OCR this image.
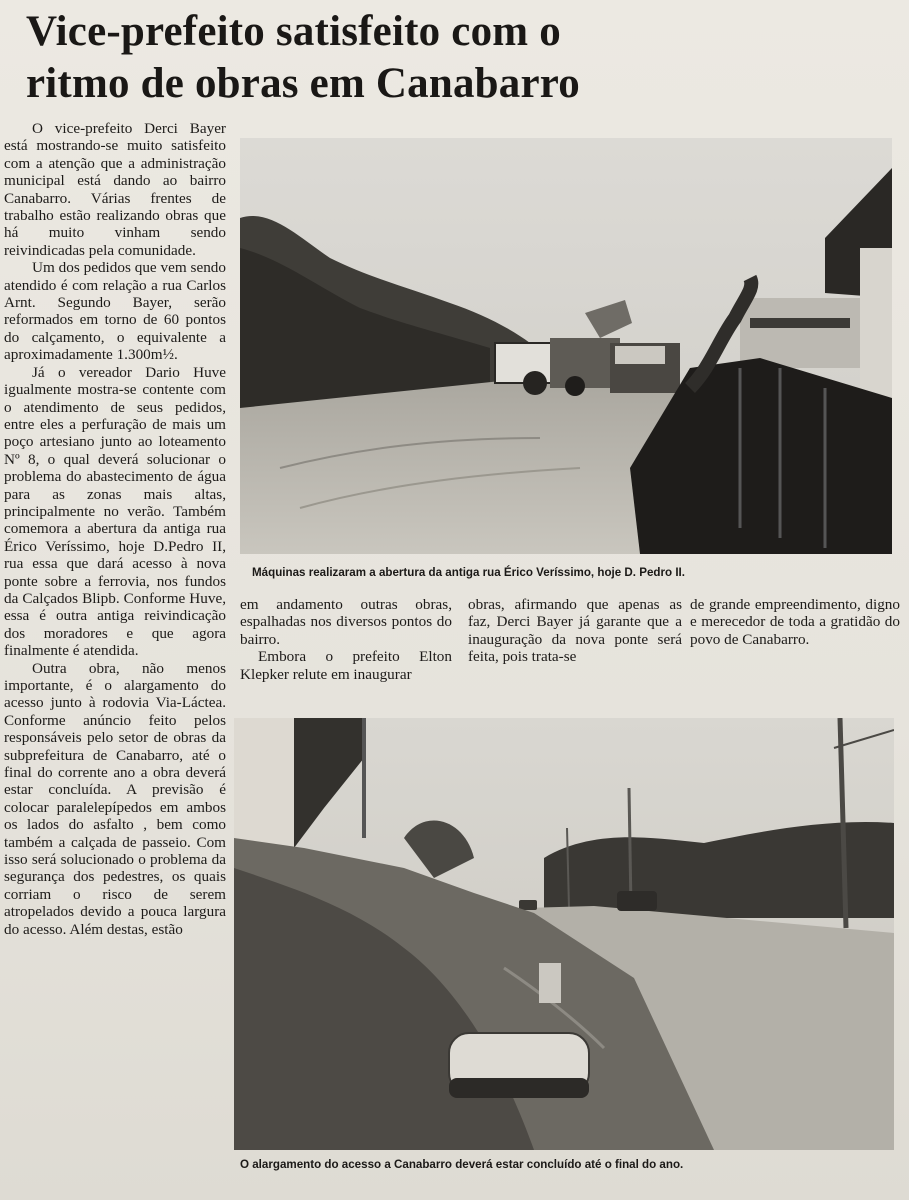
Vice-prefeito satisfeito com o
ritmo de obras em Canabarro

O vice-prefeito Derci Bayer está mostrando-se muito satisfeito com a atenção que a administração municipal está dando ao bairro Canabarro. Várias frentes de trabalho estão realizando obras que há muito vinham sendo reivindicadas pela comunidade.

Um dos pedidos que vem sendo atendido é com relação a rua Carlos Arnt. Segundo Bayer, serão reformados em torno de 60 pontos do calçamento, o equivalente a aproximadamente 1.300m½.

Já o vereador Dario Huve igualmente mostra-se contente com o atendimento de seus pedidos, entre eles a perfuração de mais um poço artesiano junto ao loteamento Nº 8, o qual deverá solucionar o problema do abastecimento de água para as zonas mais altas, principalmente no verão. Também comemora a abertura da antiga rua Érico Veríssimo, hoje D.Pedro II, rua essa que dará acesso à nova ponte sobre a ferrovia, nos fundos da Calçados Blipb. Conforme Huve, essa é outra antiga reivindicação dos moradores e que agora finalmente é atendida.

Outra obra, não menos importante, é o alargamento do acesso junto à rodovia Via-Láctea. Conforme anúncio feito pelos responsáveis pelo setor de obras da subprefeitura de Canabarro, até o final do corrente ano a obra deverá estar concluída. A previsão é colocar paralelepípedos em ambos os lados do asfalto , bem como também a calçada de passeio. Com isso será solucionado o problema da segurança dos pedestres, os quais corriam o risco de serem atropelados devido a pouca largura do acesso. Além destas, estão

Máquinas realizaram a abertura da antiga rua Érico Veríssimo, hoje D. Pedro II.

em andamento outras obras, espalhadas nos diversos pontos do bairro.

Embora o prefeito Elton Klepker relute em inaugurar

obras, afirmando que apenas as faz, Derci Bayer já garante que a inauguração da nova ponte será feita, pois trata-se

de grande empreendimento, digno e merecedor de toda a gratidão do povo de Canabarro.

O alargamento do acesso a Canabarro deverá estar concluído até o final do ano.
